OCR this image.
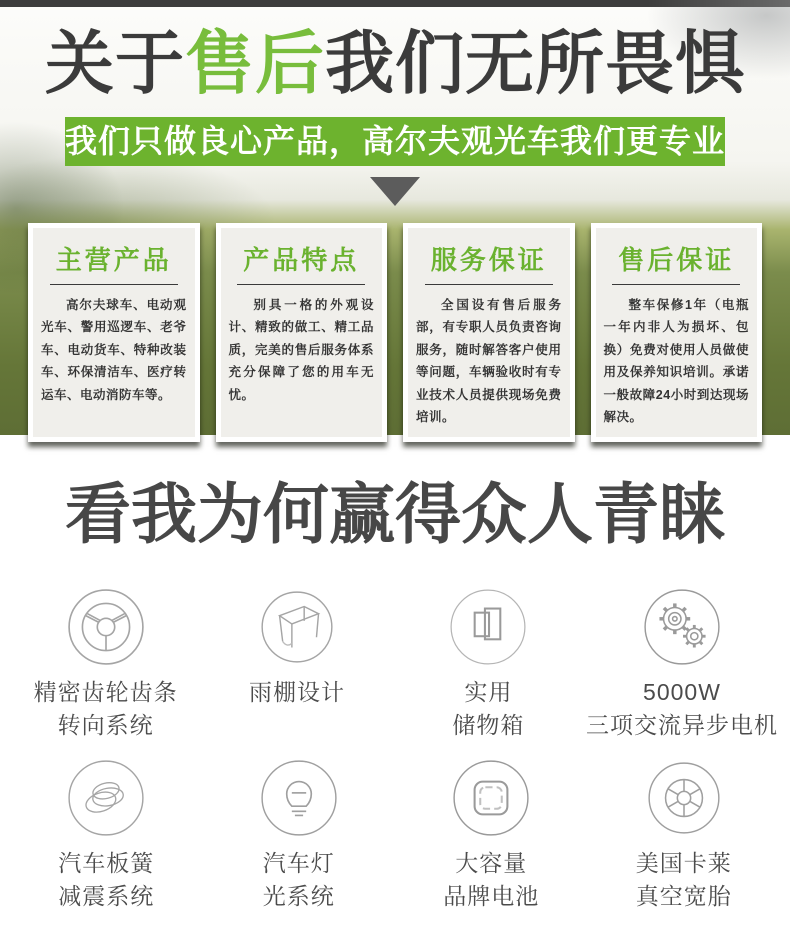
关于售后我们无所畏惧
我们只做良心产品，高尔夫观光车我们更专业
主营产品
高尔夫球车、电动观光车、警用巡逻车、老爷车、电动货车、特种改装车、环保清洁车、医疗转运车、电动消防车等。
产品特点
别具一格的外观设计、精致的做工、精工品质，完美的售后服务体系充分保障了您的用车无忧。
服务保证
全国设有售后服务部，有专职人员负责咨询服务，随时解答客户使用等问题，车辆验收时有专业技术人员提供现场免费培训。
售后保证
整车保修1年（电瓶一年内非人为损坏、包换）免费对使用人员做使用及保养知识培训。承诺一般故障24小时到达现场解决。
看我为何赢得众人青睐
精密齿轮齿条
转向系统
雨棚设计	实用
储物箱
5000W
三项交流异步电机
汽车板簧
减震系统
汽车灯
光系统
大容量
品牌电池
美国卡莱
真空宽胎
